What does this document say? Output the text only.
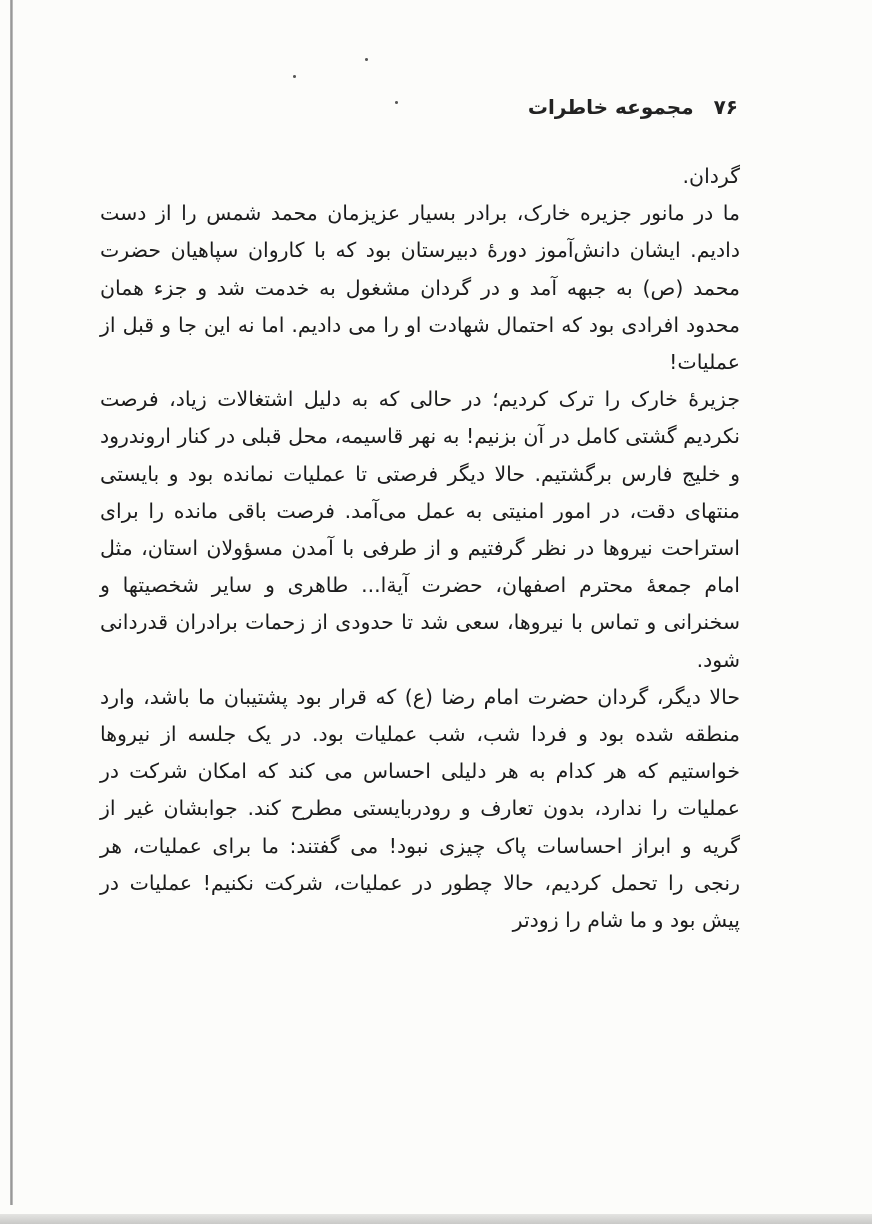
۷۶
مجموعه خاطرات

گردان.

ما در مانور جزیره خارک، برادر بسیار عزیزمان محمد شمس را از دست دادیم. ایشان دانش‌آموز دورهٔ دبیرستان بود که با کاروان سپاهیان حضرت محمد (ص) به جبهه آمد و در گردان مشغول به خدمت شد و جزء همان محدود افرادی بود که احتمال شهادت او را می دادیم. اما نه این جا و قبل از عملیات!

جزیرهٔ خارک را ترک کردیم؛ در حالی که به دلیل اشتغالات زیاد، فرصت نکردیم گشتی کامل در آن بزنیم! به نهر قاسیمه، محل قبلی در کنار اروندرود و خلیج فارس برگشتیم. حالا دیگر فرصتی تا عملیات نمانده بود و بایستی منتهای دقت، در امور امنیتی به عمل می‌آمد. فرصت باقی مانده را برای استراحت نیروها در نظر گرفتیم و از طرفی با آمدن مسؤولان استان، مثل امام جمعهٔ محترم اصفهان، حضرت آیة‌ا... طاهری و سایر شخصیتها و سخنرانی و تماس با نیروها، سعی شد تا حدودی از زحمات برادران قدردانی شود.

حالا دیگر، گردان حضرت امام رضا (ع) که قرار بود پشتیبان ما باشد، وارد منطقه شده بود و فردا شب، شب عملیات بود. در یک جلسه از نیروها خواستیم که هر کدام به هر دلیلی احساس می کند که امکان شرکت در عملیات را ندارد، بدون تعارف و رودربایستی مطرح کند. جوابشان غیر از گریه و ابراز احساسات پاک چیزی نبود! می گفتند: ما برای عملیات، هر رنجی را تحمل کردیم، حالا چطور در عملیات، شرکت نکنیم! عملیات در پیش بود و ما شام را زودتر
